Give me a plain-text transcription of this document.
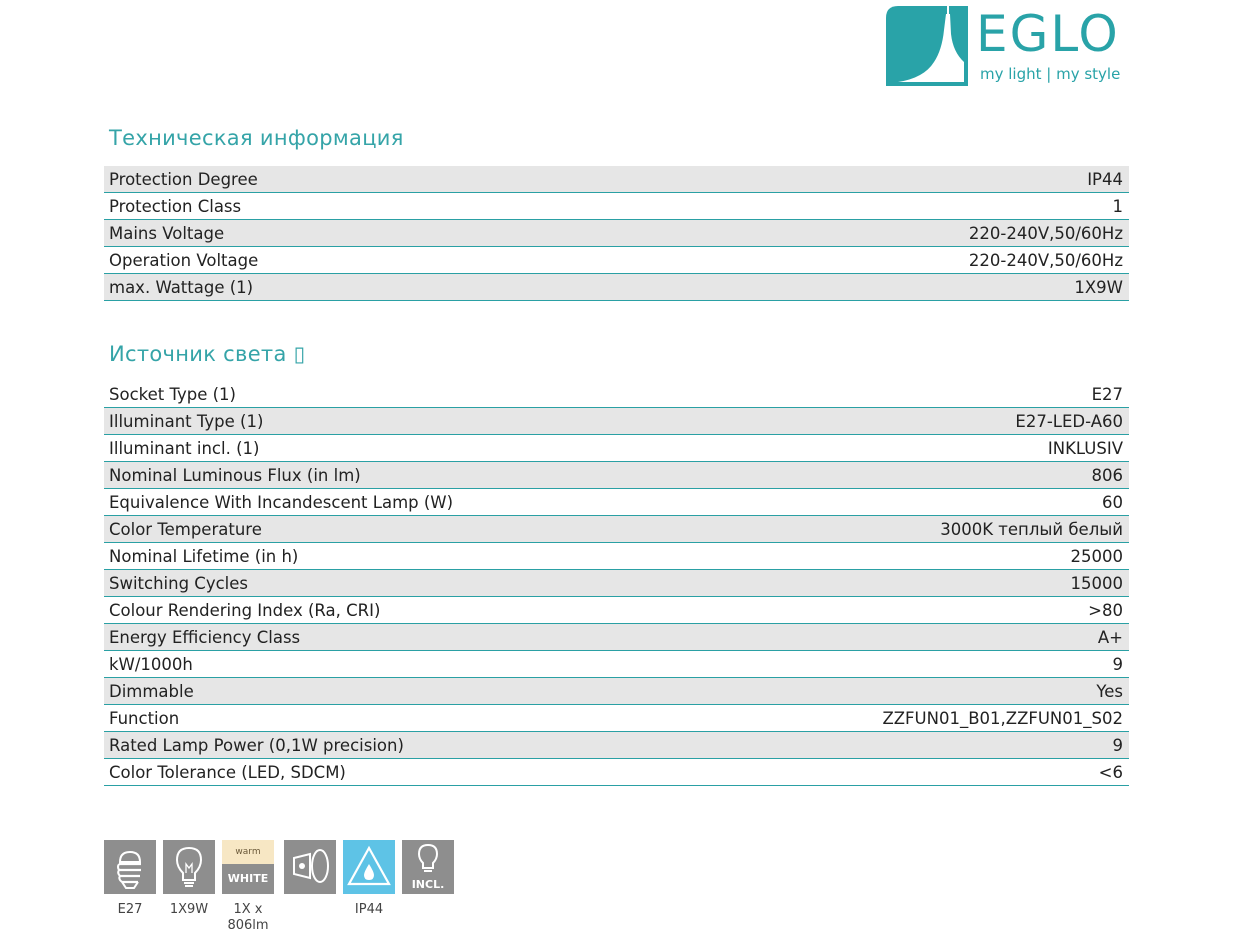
EGLO
my light | my style
Техническая информация
Protection Degree	IP44
Protection Class	1
Mains Voltage	220-240V,50/60Hz
Operation Voltage	220-240V,50/60Hz
max. Wattage (1)	1X9W
Источник света ▯
Socket Type (1)	E27
Illuminant Type (1)	E27-LED-A60
Illuminant incl. (1)	INKLUSIV
Nominal Luminous Flux (in lm)	806
Equivalence With Incandescent Lamp (W)	60
Color Temperature	3000K теплый белый
Nominal Lifetime (in h)	25000
Switching Cycles	15000
Colour Rendering Index (Ra, CRI)	>80
Energy Efficiency Class	A+
kW/1000h	9
Dimmable	Yes
Function	ZZFUN01_B01,ZZFUN01_S02
Rated Lamp Power (0,1W precision)	9
Color Tolerance (LED, SDCM)	<6
E27	1X9W
warm
WHITE
1X x 806lm
IP44
INCL.
